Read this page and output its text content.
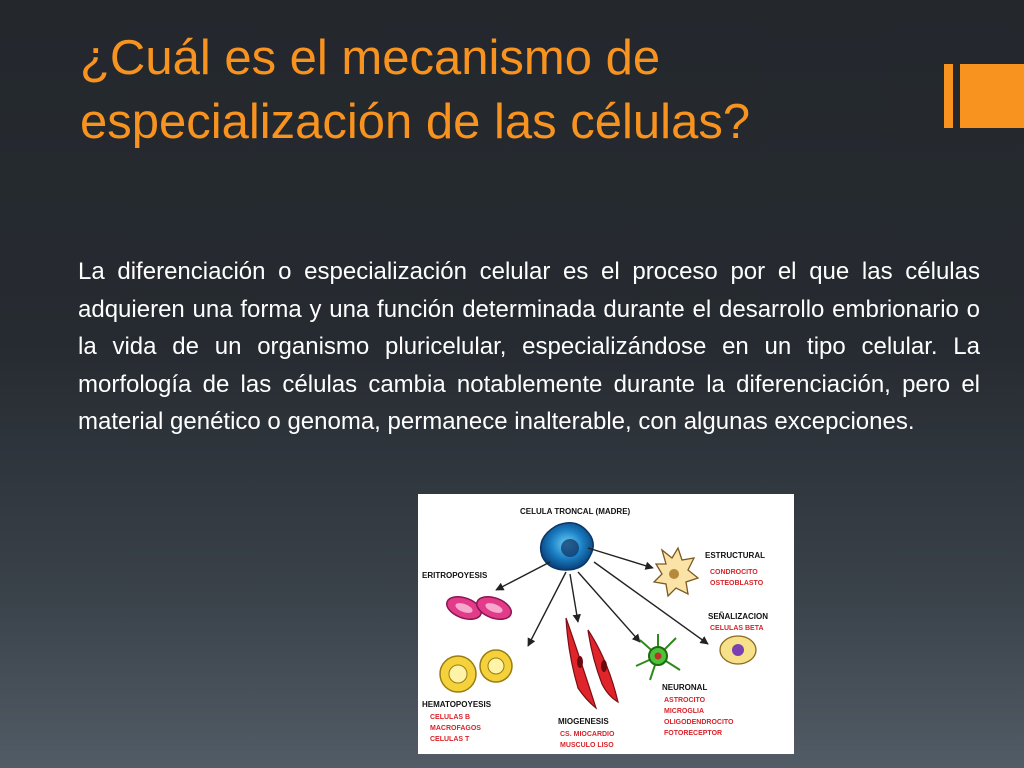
¿Cuál es el mecanismo de especialización de las células?

La diferenciación o especialización celular es el proceso por el que las células adquieren una forma y una función determinada durante el desarrollo embrionario o la vida de un organismo pluricelular, especializándose en un tipo celular. La morfología de las células cambia notablemente durante la diferenciación, pero el material genético o genoma, permanece inalterable, con algunas excepciones.

CELULA TRONCAL (MADRE)
ERITROPOYESIS
ESTRUCTURAL
CONDROCITO
OSTEOBLASTO
SEÑALIZACION
CELULAS BETA
HEMATOPOYESIS
CELULAS B
MACROFAGOS
CELULAS T
MIOGENESIS
CS. MIOCARDIO
MUSCULO LISO
NEURONAL
ASTROCITO
MICROGLIA
OLIGODENDROCITO
FOTORECEPTOR
